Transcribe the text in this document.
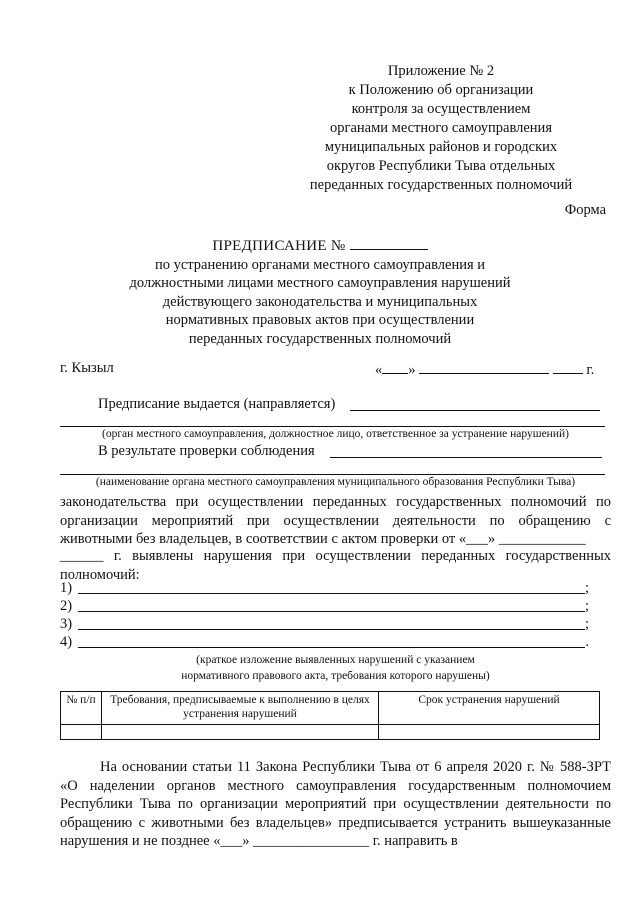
Приложение № 2
к Положению об организации
контроля за осуществлением
органами местного самоуправления
муниципальных районов и городских
округов Республики Тыва отдельных
переданных государственных полномочий
Форма
ПРЕДПИСАНИЕ №
по устранению органами местного самоуправления и
должностными лицами местного самоуправления нарушений
действующего законодательства и муниципальных
нормативных правовых актов при осуществлении
переданных государственных полномочий
г. Кызыл	« »	г.
Предписание выдается (направляется)
(орган местного самоуправления, должностное лицо, ответственное за устранение нарушений)
В результате проверки соблюдения
(наименование органа местного самоуправления муниципального образования Республики Тыва)
законодательства при осуществлении переданных государственных полномочий по организации мероприятий при осуществлении деятельности по обращению с животными без владельцев, в соответствии с актом проверки от «___» ____________
______ г. выявлены нарушения при осуществлении переданных государственных полномочий:
1)	;
2)	;
3)	;
4)	.
(краткое изложение выявленных нарушений с указанием
нормативного правового акта, требования которого нарушены)
№ п/п	Требования, предписываемые к выполнению в целях устранения нарушений	Срок устранения нарушений

На основании статьи 11 Закона Республики Тыва от 6 апреля 2020 г. № 588-ЗРТ «О наделении органов местного самоуправления государственным полномочием Республики Тыва по организации мероприятий при осуществлении деятельности по обращению с животными без владельцев» предписывается устранить вышеуказанные нарушения и не позднее «___» ________________ г. направить в
